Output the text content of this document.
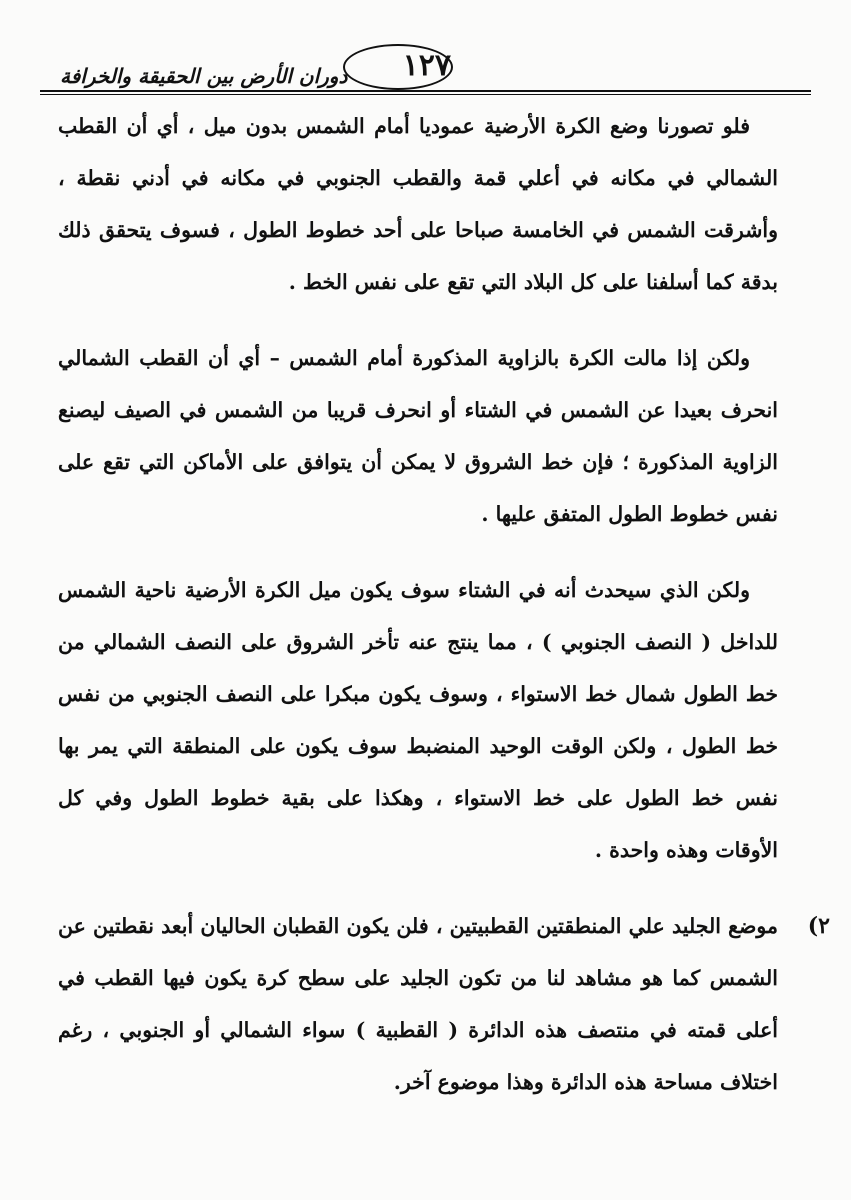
١٢٧
دوران الأرض بين الحقيقة والخرافة

فلو تصورنا وضع الكرة الأرضية عموديا أمام الشمس بدون ميل ، أي أن القطب الشمالي في مكانه في أعلي قمة والقطب الجنوبي في مكانه في أدني نقطة ، وأشرقت الشمس في الخامسة صباحا على أحد خطوط الطول ، فسوف يتحقق ذلك بدقة كما أسلفنا على كل البلاد التي تقع على نفس الخط .

ولكن إذا مالت الكرة بالزاوية المذكورة أمام الشمس – أي أن القطب الشمالي انحرف بعيدا عن الشمس في الشتاء أو انحرف قريبا من الشمس في الصيف ليصنع الزاوية المذكورة ؛ فإن خط الشروق لا يمكن أن يتوافق على الأماكن التي تقع على نفس خطوط الطول المتفق عليها .

ولكن الذي سيحدث أنه في الشتاء سوف يكون ميل الكرة الأرضية ناحية الشمس للداخل ( النصف الجنوبي ) ، مما ينتج عنه تأخر الشروق على النصف الشمالي من خط الطول شمال خط الاستواء ، وسوف يكون مبكرا على النصف الجنوبي من نفس خط الطول ، ولكن الوقت الوحيد المنضبط سوف يكون على المنطقة التي يمر بها نفس خط الطول على خط الاستواء ، وهكذا على بقية خطوط الطول وفي كل الأوقات وهذه واحدة .

٢)

موضع الجليد علي المنطقتين القطبيتين ، فلن يكون القطبان الحاليان أبعد نقطتين عن الشمس كما هو مشاهد لنا من تكون الجليد على سطح كرة يكون فيها القطب في أعلى قمته في منتصف هذه الدائرة ( القطبية ) سواء الشمالي أو الجنوبي ، رغم اختلاف مساحة هذه الدائرة وهذا موضوع آخر.
